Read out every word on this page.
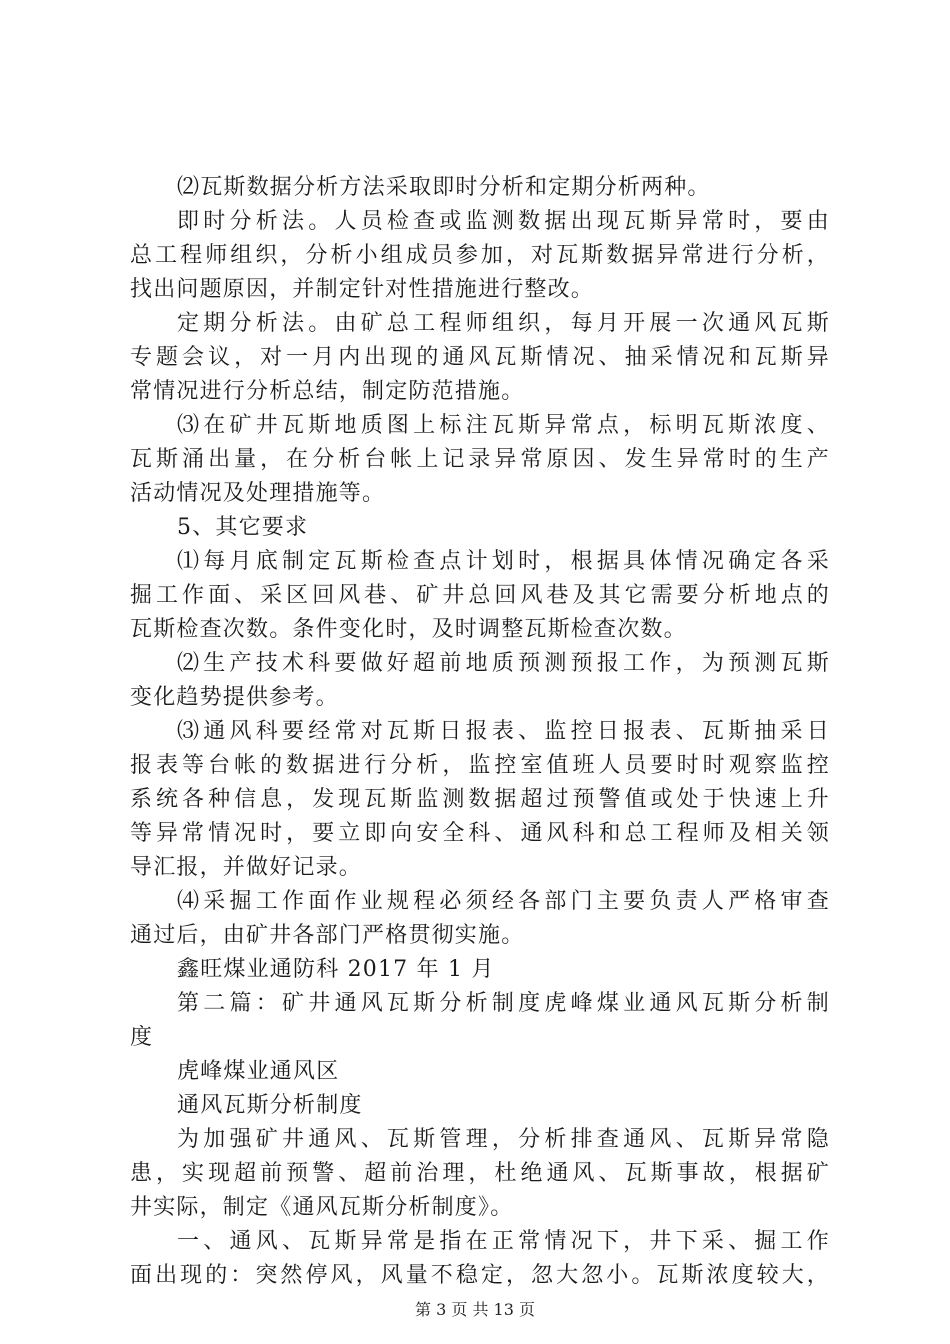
⑵瓦斯数据分析方法采取即时分析和定期分析两种。
即时分析法。人员检查或监测数据出现瓦斯异常时，要由
总工程师组织，分析小组成员参加，对瓦斯数据异常进行分析，
找出问题原因，并制定针对性措施进行整改。
定期分析法。由矿总工程师组织，每月开展一次通风瓦斯
专题会议，对一月内出现的通风瓦斯情况、抽采情况和瓦斯异
常情况进行分析总结，制定防范措施。
⑶在矿井瓦斯地质图上标注瓦斯异常点，标明瓦斯浓度、
瓦斯涌出量，在分析台帐上记录异常原因、发生异常时的生产
活动情况及处理措施等。
5、其它要求
⑴每月底制定瓦斯检查点计划时，根据具体情况确定各采
掘工作面、采区回风巷、矿井总回风巷及其它需要分析地点的
瓦斯检查次数。条件变化时，及时调整瓦斯检查次数。
⑵生产技术科要做好超前地质预测预报工作，为预测瓦斯
变化趋势提供参考。
⑶通风科要经常对瓦斯日报表、监控日报表、瓦斯抽采日
报表等台帐的数据进行分析，监控室值班人员要时时观察监控
系统各种信息，发现瓦斯监测数据超过预警值或处于快速上升
等异常情况时，要立即向安全科、通风科和总工程师及相关领
导汇报，并做好记录。
⑷采掘工作面作业规程必须经各部门主要负责人严格审查
通过后，由矿井各部门严格贯彻实施。
鑫旺煤业通防科 2017 年 1 月
第二篇：矿井通风瓦斯分析制度虎峰煤业通风瓦斯分析制
度
虎峰煤业通风区
通风瓦斯分析制度
为加强矿井通风、瓦斯管理，分析排查通风、瓦斯异常隐
患，实现超前预警、超前治理，杜绝通风、瓦斯事故，根据矿
井实际，制定《通风瓦斯分析制度》。
一、通风、瓦斯异常是指在正常情况下，井下采、掘工作
面出现的：突然停风，风量不稳定，忽大忽小。瓦斯浓度较大，
第 3 页 共 13 页
